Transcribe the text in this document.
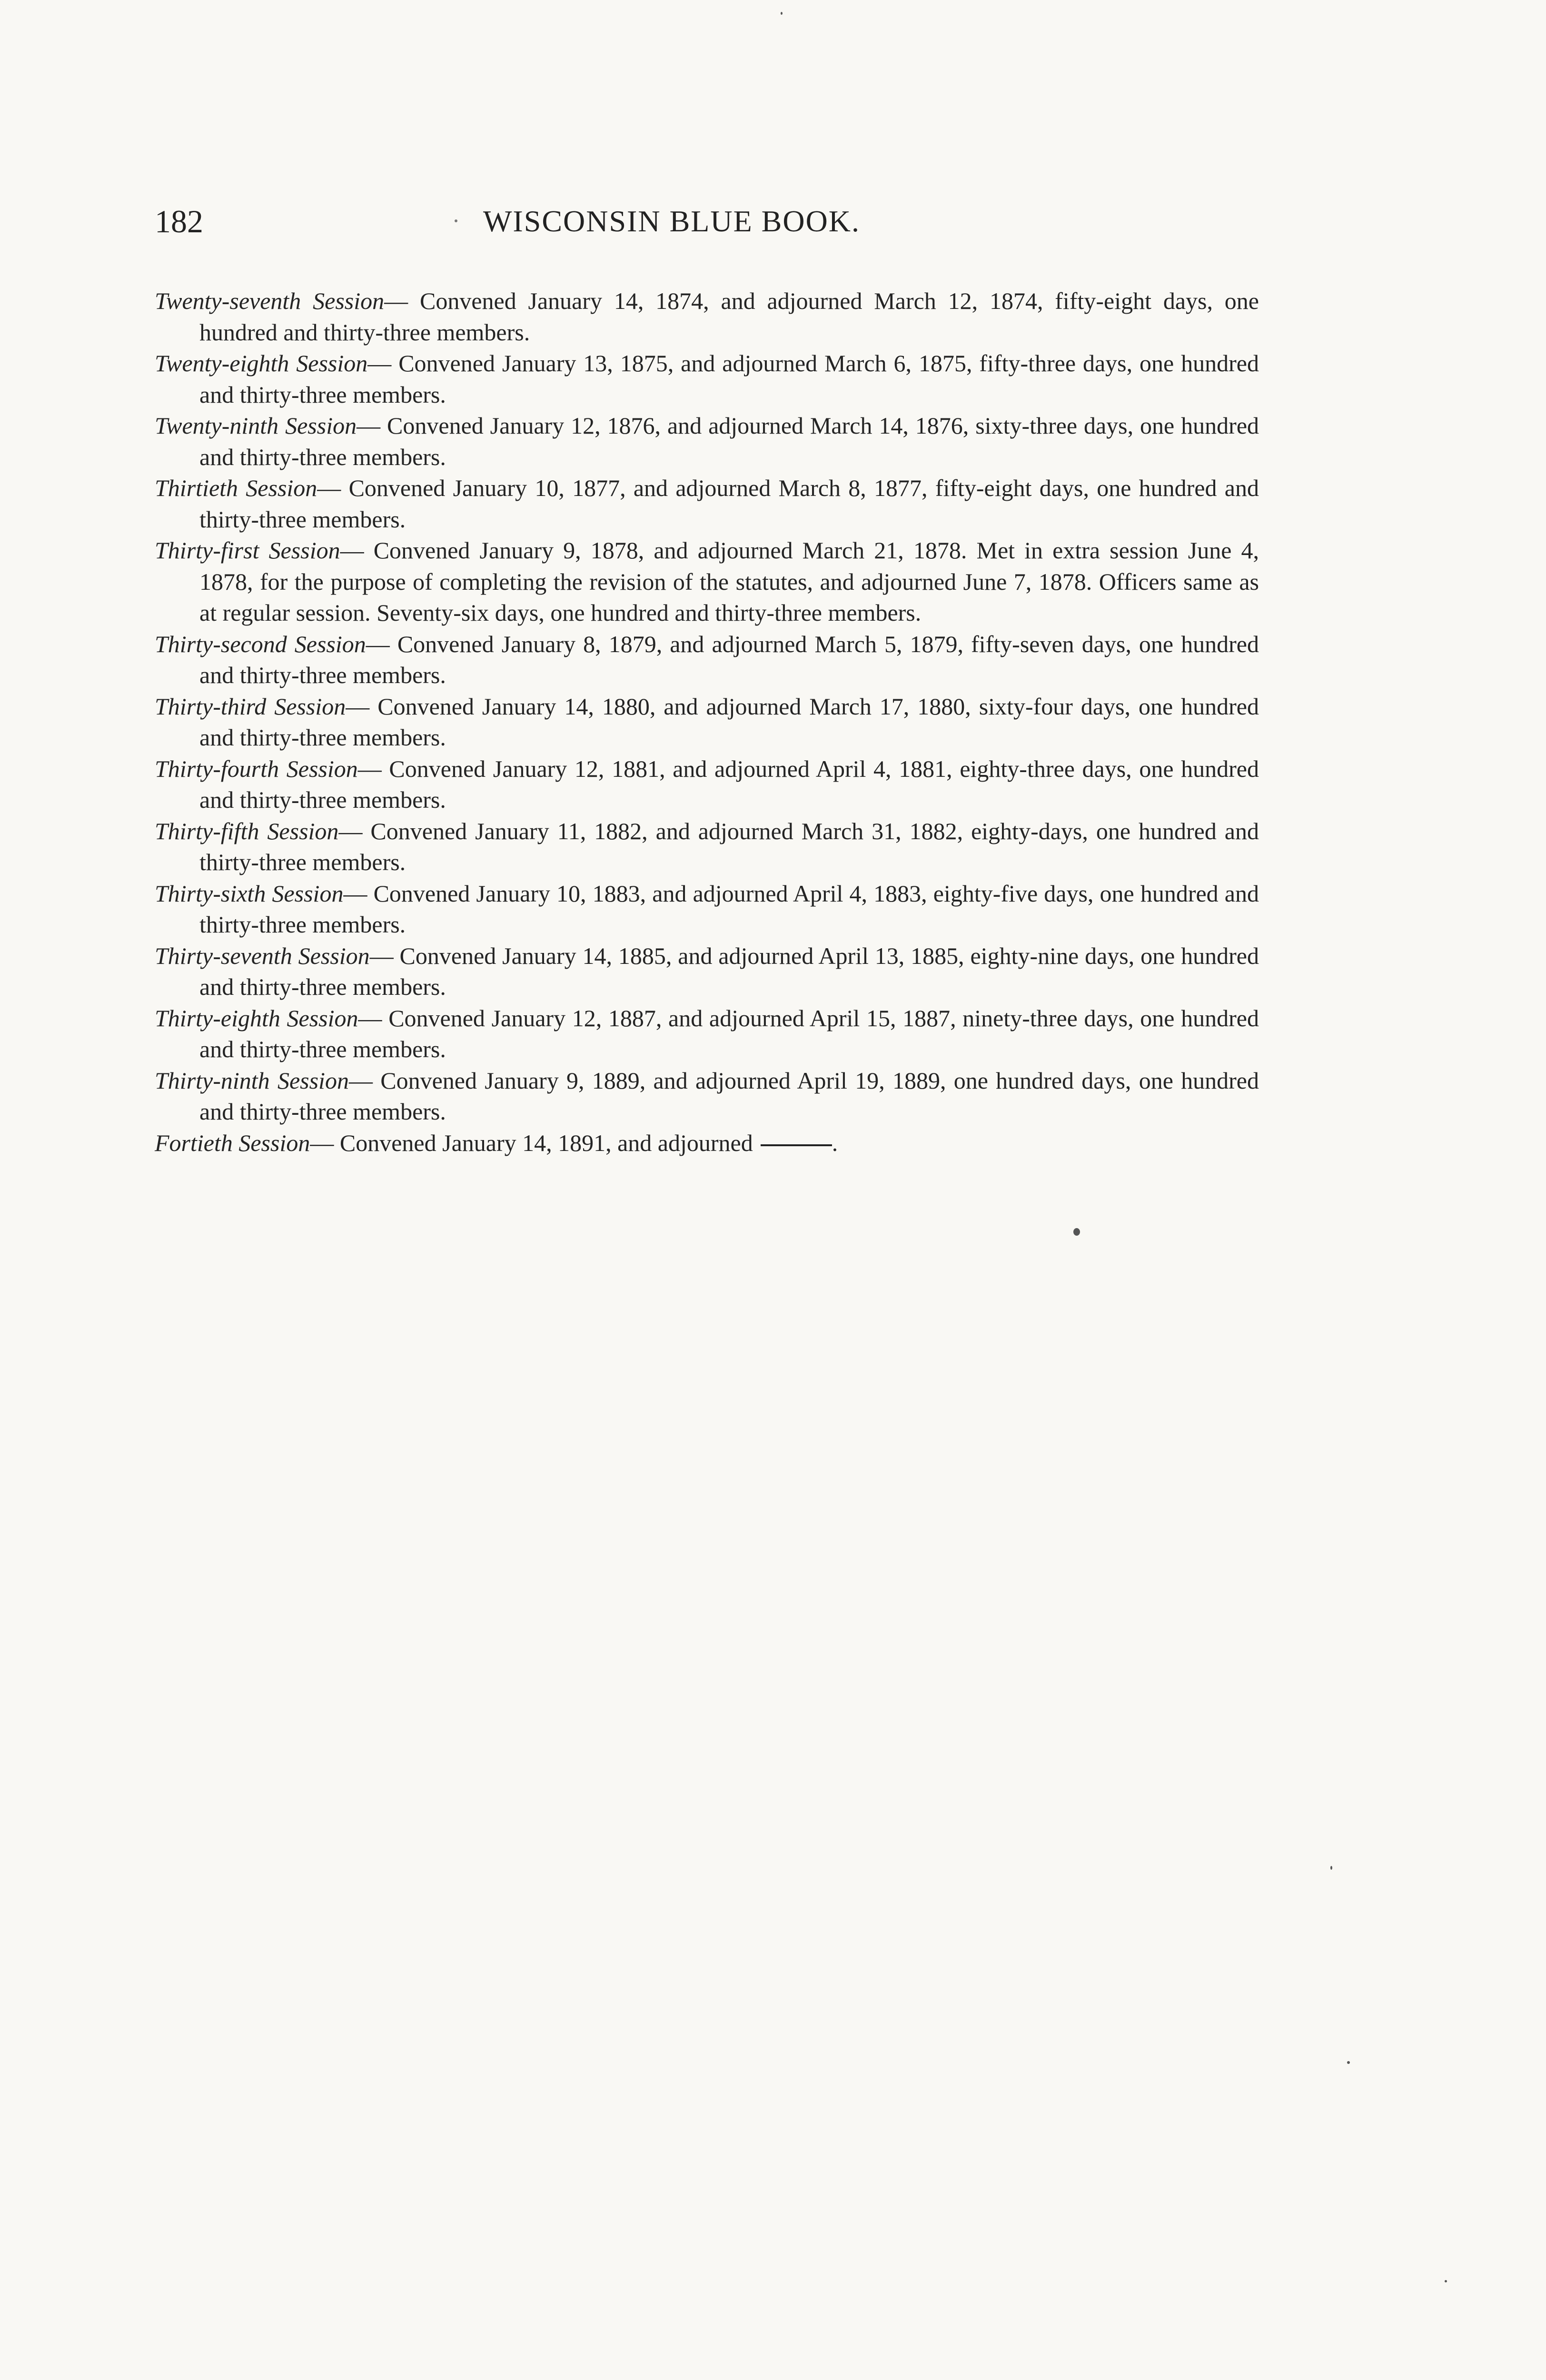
182	WISCONSIN BLUE BOOK.
Twenty-seventh Session— Convened January 14, 1874, and adjourned March 12, 1874, fifty-eight days, one hundred and thirty-three members.
Twenty-eighth Session— Convened January 13, 1875, and adjourned March 6, 1875, fifty-three days, one hundred and thirty-three members.
Twenty-ninth Session— Convened January 12, 1876, and adjourned March 14, 1876, sixty-three days, one hundred and thirty-three members.
Thirtieth Session— Convened January 10, 1877, and adjourned March 8, 1877, fifty-eight days, one hundred and thirty-three members.
Thirty-first Session— Convened January 9, 1878, and adjourned March 21, 1878. Met in extra session June 4, 1878, for the purpose of completing the revision of the statutes, and adjourned June 7, 1878. Officers same as at regular session. Seventy-six days, one hundred and thirty-three members.
Thirty-second Session— Convened January 8, 1879, and adjourned March 5, 1879, fifty-seven days, one hundred and thirty-three members.
Thirty-third Session— Convened January 14, 1880, and adjourned March 17, 1880, sixty-four days, one hundred and thirty-three members.
Thirty-fourth Session— Convened January 12, 1881, and adjourned April 4, 1881, eighty-three days, one hundred and thirty-three members.
Thirty-fifth Session— Convened January 11, 1882, and adjourned March 31, 1882, eighty-days, one hundred and thirty-three members.
Thirty-sixth Session— Convened January 10, 1883, and adjourned April 4, 1883, eighty-five days, one hundred and thirty-three members.
Thirty-seventh Session— Convened January 14, 1885, and adjourned April 13, 1885, eighty-nine days, one hundred and thirty-three members.
Thirty-eighth Session— Convened January 12, 1887, and adjourned April 15, 1887, ninety-three days, one hundred and thirty-three members.
Thirty-ninth Session— Convened January 9, 1889, and adjourned April 19, 1889, one hundred days, one hundred and thirty-three members.
Fortieth Session— Convened January 14, 1891, and adjourned	.
